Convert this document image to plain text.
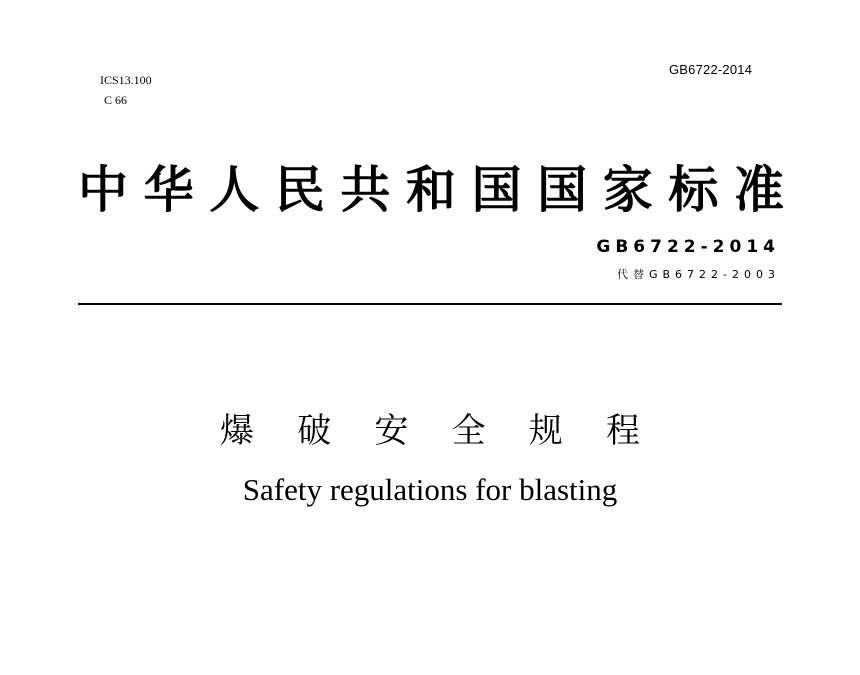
GB6722-2014
ICS13.100
C 66
中 华 人 民 共 和 国 国 家 标 准
GB6722-2014
代替GB6722-2003
爆 破 安 全 规 程
Safety regulations for blasting
